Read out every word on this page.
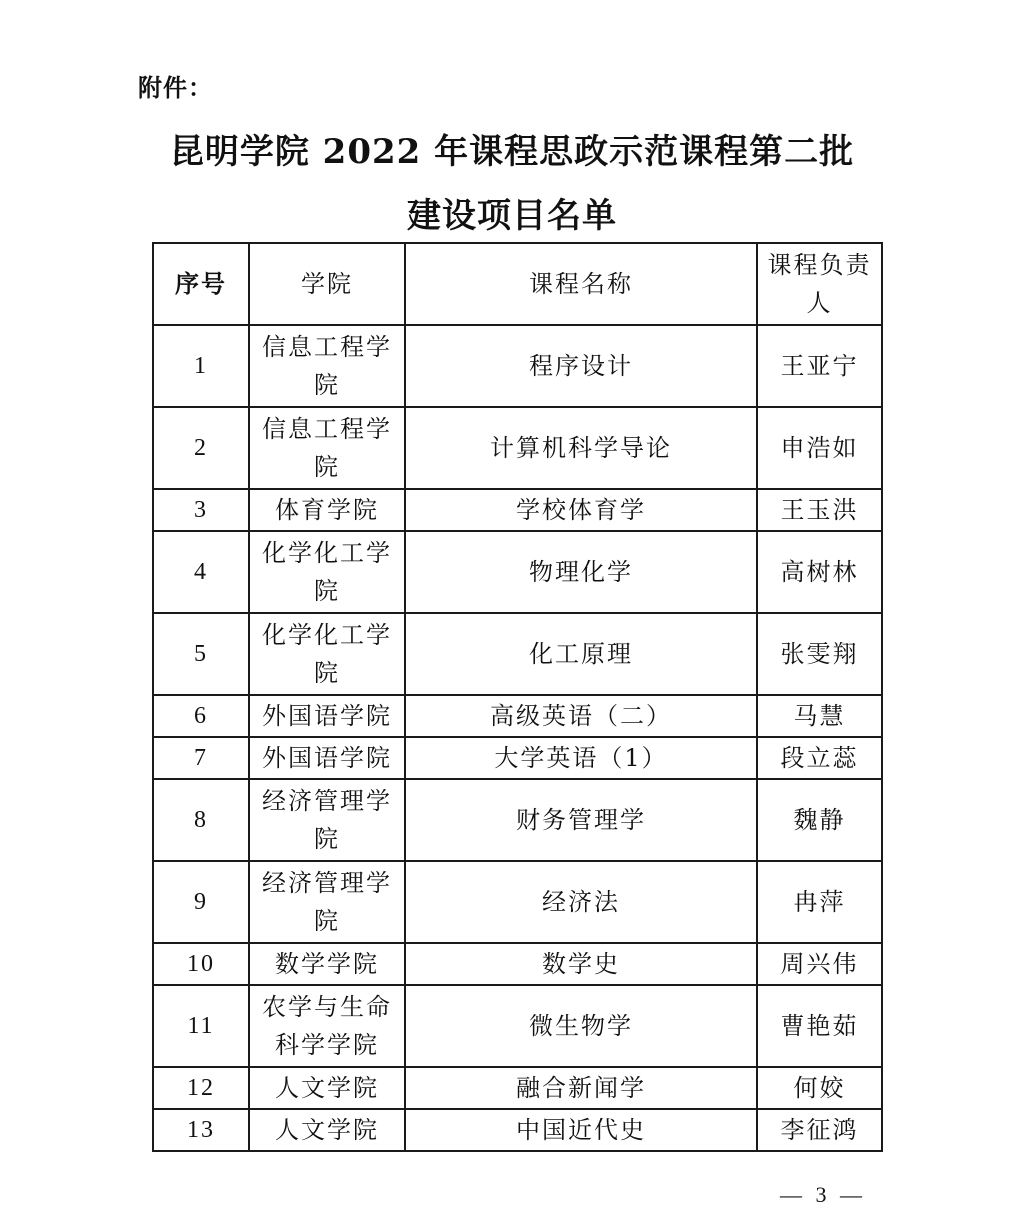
附件：
昆明学院 2022 年课程思政示范课程第二批
建设项目名单
序号	学院	课程名称	课程负责人
1	信息工程学院	程序设计	王亚宁
2	信息工程学院	计算机科学导论	申浩如
3	体育学院	学校体育学	王玉洪
4	化学化工学院	物理化学	高树林
5	化学化工学院	化工原理	张雯翔
6	外国语学院	高级英语（二）	马慧
7	外国语学院	大学英语（1）	段立蕊
8	经济管理学院	财务管理学	魏静
9	经济管理学院	经济法	冉萍
10	数学学院	数学史	周兴伟
11	农学与生命科学学院	微生物学	曹艳茹
12	人文学院	融合新闻学	何姣
13	人文学院	中国近代史	李征鸿
— 3 —
